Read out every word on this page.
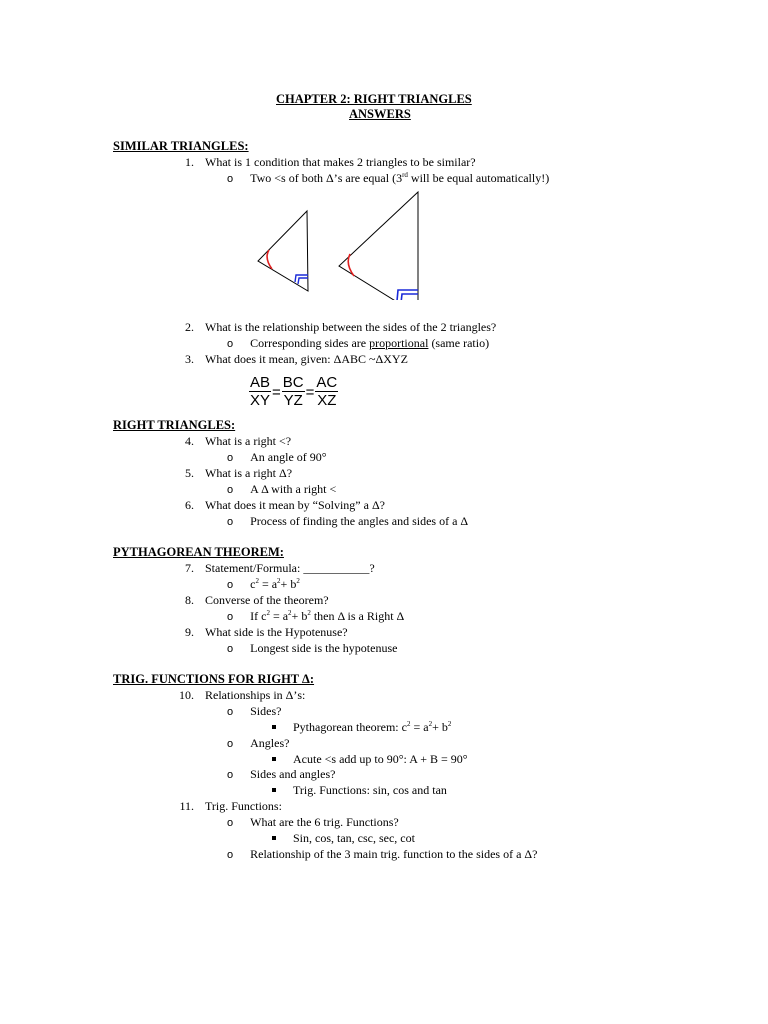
CHAPTER 2: RIGHT TRIANGLES
ANSWERS
SIMILAR TRIANGLES:
1. What is 1 condition that makes 2 triangles to be similar?
o Two <s of both Δ’s are equal (3rd will be equal automatically!)
2. What is the relationship between the sides of the 2 triangles?
o Corresponding sides are proportional (same ratio)
3. What does it mean, given: ΔABC ~ΔXYZ
$\frac{AB}{XY} = \frac{BC}{YZ} = \frac{AC}{XZ}$
RIGHT TRIANGLES:
4. What is a right <?
o An angle of 90°
5. What is a right Δ?
o A Δ with a right <
6. What does it mean by “Solving” a Δ?
o Process of finding the angles and sides of a Δ
PYTHAGOREAN THEOREM:
7. Statement/Formula: ___________?
o $c^2 = a^2+ b^2$
8. Converse of the theorem?
o If $c^2 = a^2+ b^2$ then Δ is a Right Δ
9. What side is the Hypotenuse?
o Longest side is the hypotenuse
TRIG. FUNCTIONS FOR RIGHT Δ:
10. Relationships in Δ’s:
o Sides?
Pythagorean theorem: $c^2 = a^2+ b^2$
o Angles?
Acute <s add up to 90°: A + B = 90°
o Sides and angles?
Trig. Functions: sin, cos and tan
11. Trig. Functions:
o What are the 6 trig. Functions?
Sin, cos, tan, csc, sec, cot
o Relationship of the 3 main trig. function to the sides of a Δ?
